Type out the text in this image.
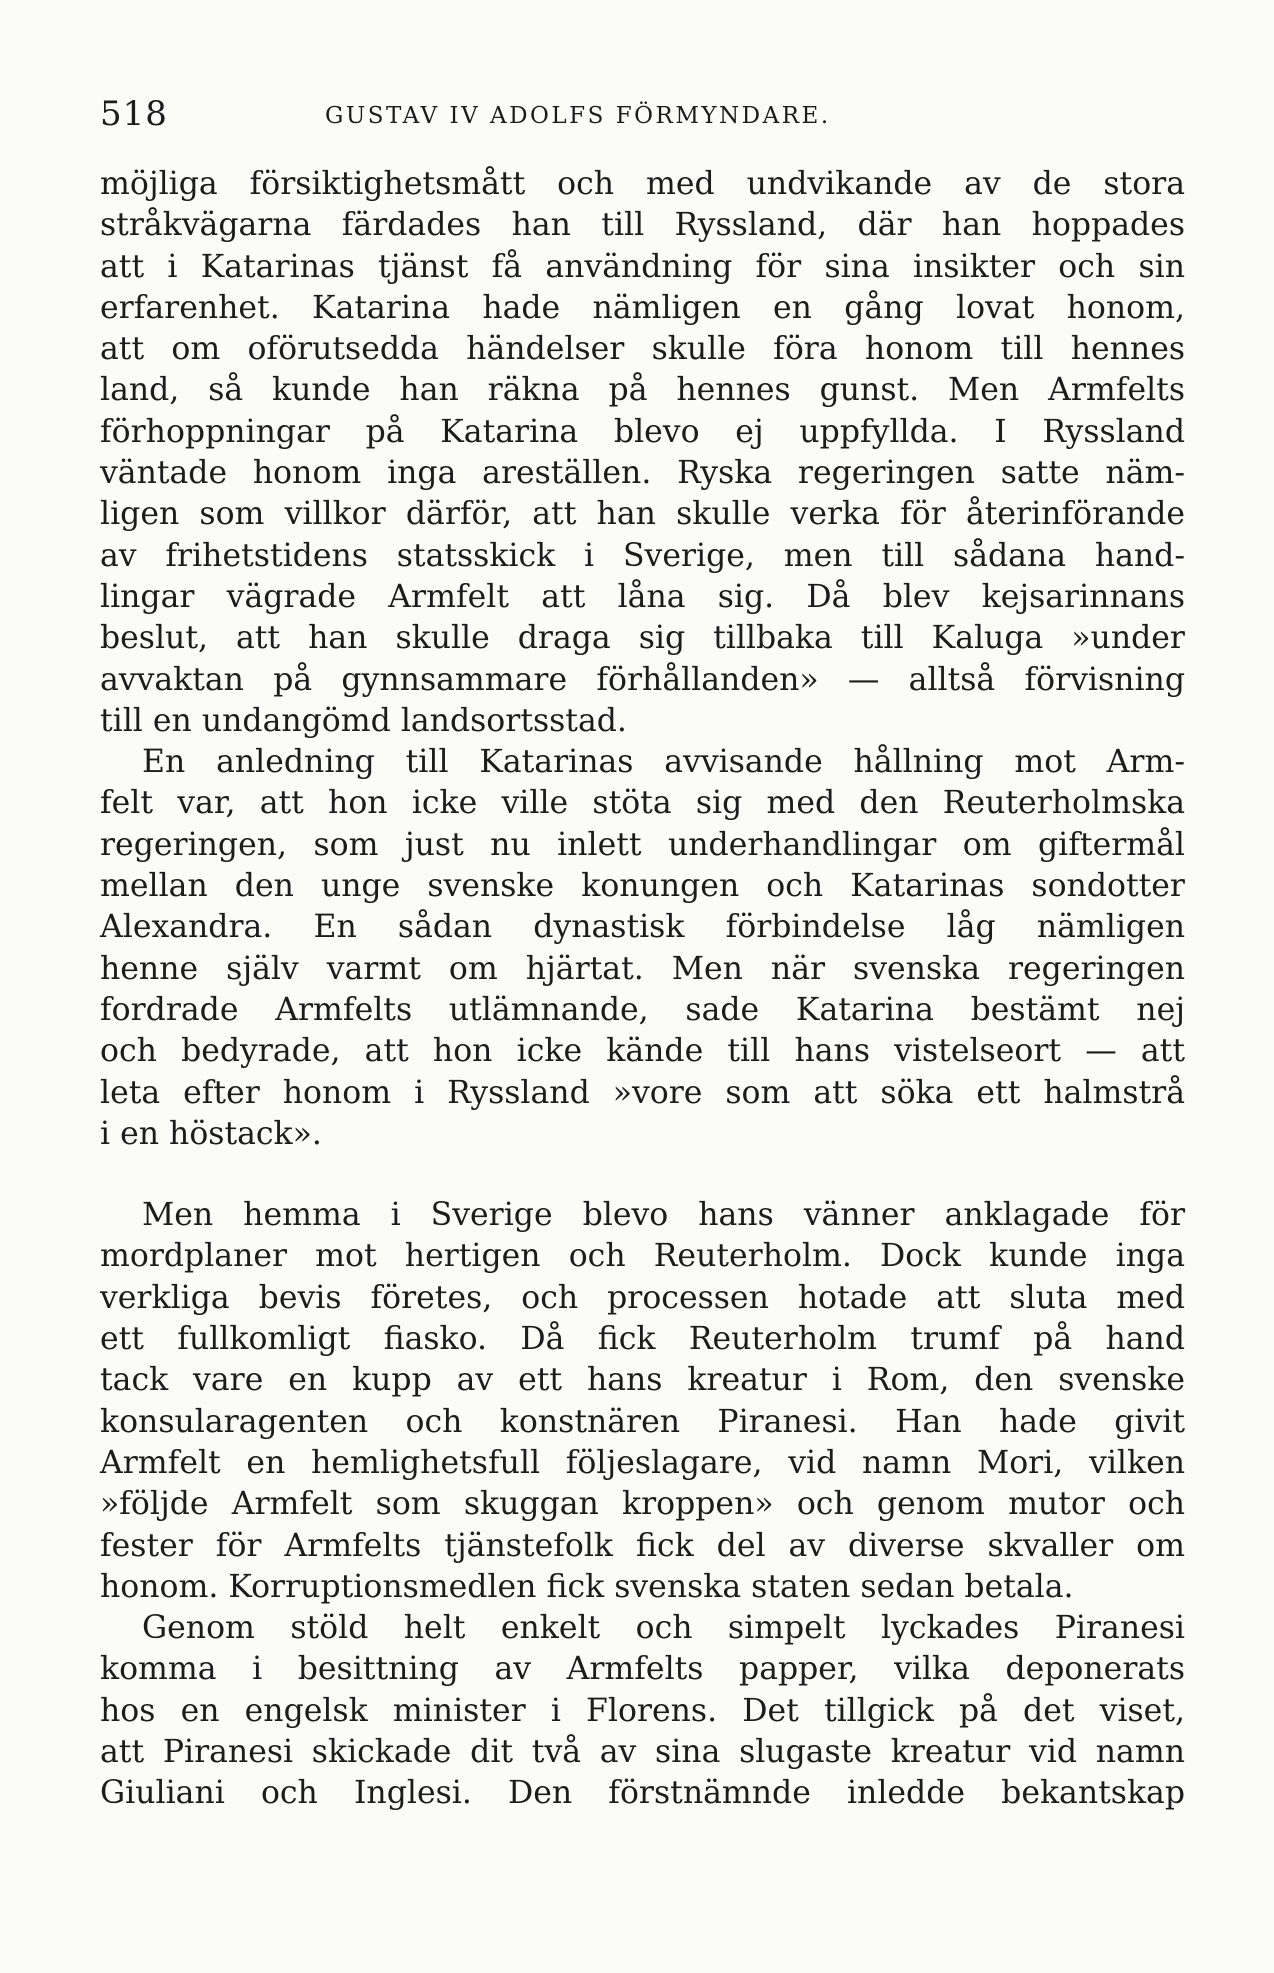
518	GUSTAV IV ADOLFS FÖRMYNDARE.
möjliga försiktighetsmått och med undvikande av de stora
stråkvägarna färdades han till Ryssland, där han hoppades
att i Katarinas tjänst få användning för sina insikter och sin
erfarenhet. Katarina hade nämligen en gång lovat honom,
att om oförutsedda händelser skulle föra honom till hennes
land, så kunde han räkna på hennes gunst. Men Armfelts
förhoppningar på Katarina blevo ej uppfyllda. I Ryssland
väntade honom inga areställen. Ryska regeringen satte näm-
ligen som villkor därför, att han skulle verka för återinförande
av frihetstidens statsskick i Sverige, men till sådana hand-
lingar vägrade Armfelt att låna sig. Då blev kejsarinnans
beslut, att han skulle draga sig tillbaka till Kaluga »under
avvaktan på gynnsammare förhållanden» — alltså förvisning
till en undangömd landsortsstad.
En anledning till Katarinas avvisande hållning mot Arm-
felt var, att hon icke ville stöta sig med den Reuterholmska
regeringen, som just nu inlett underhandlingar om giftermål
mellan den unge svenske konungen och Katarinas sondotter
Alexandra. En sådan dynastisk förbindelse låg nämligen
henne själv varmt om hjärtat. Men när svenska regeringen
fordrade Armfelts utlämnande, sade Katarina bestämt nej
och bedyrade, att hon icke kände till hans vistelseort — att
leta efter honom i Ryssland »vore som att söka ett halmstrå
i en höstack».
Men hemma i Sverige blevo hans vänner anklagade för
mordplaner mot hertigen och Reuterholm. Dock kunde inga
verkliga bevis företes, och processen hotade att sluta med
ett fullkomligt fiasko. Då fick Reuterholm trumf på hand
tack vare en kupp av ett hans kreatur i Rom, den svenske
konsularagenten och konstnären Piranesi. Han hade givit
Armfelt en hemlighetsfull följeslagare, vid namn Mori, vilken
»följde Armfelt som skuggan kroppen» och genom mutor och
fester för Armfelts tjänstefolk fick del av diverse skvaller om
honom. Korruptionsmedlen fick svenska staten sedan betala.
Genom stöld helt enkelt och simpelt lyckades Piranesi
komma i besittning av Armfelts papper, vilka deponerats
hos en engelsk minister i Florens. Det tillgick på det viset,
att Piranesi skickade dit två av sina slugaste kreatur vid namn
Giuliani och Inglesi. Den förstnämnde inledde bekantskap
